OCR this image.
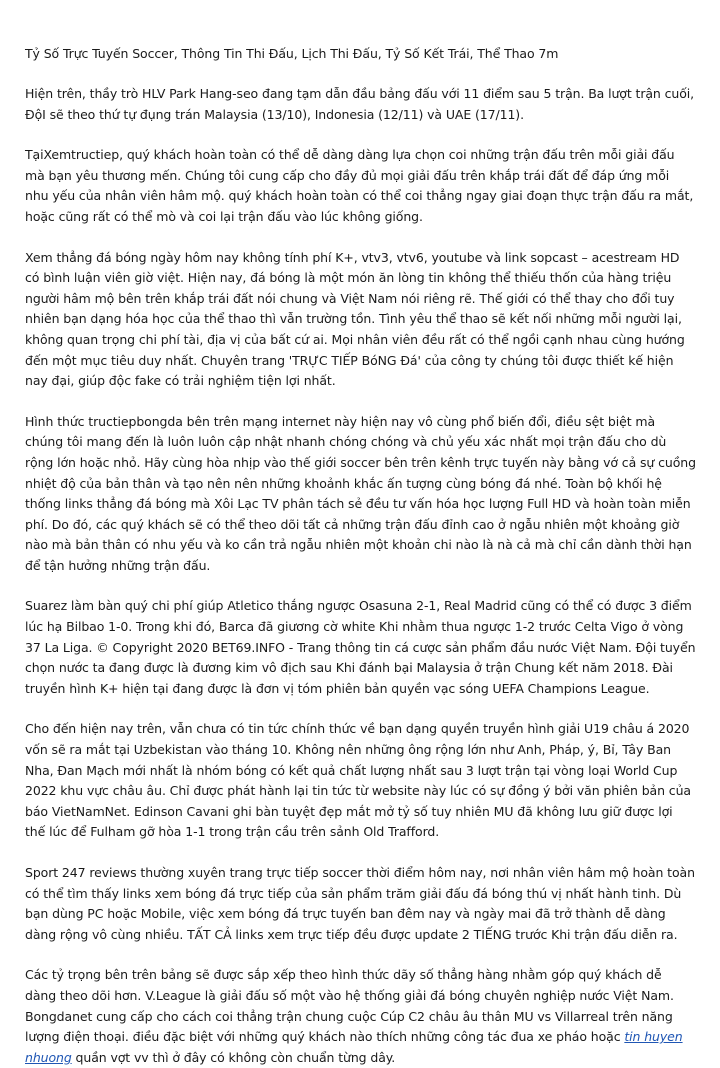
Tỷ Số Trực Tuyến Soccer, Thông Tin Thi Đấu, Lịch Thi Đấu, Tỷ Số Kết Trái, Thể Thao 7m

Hiện trên, thầy trò HLV Park Hang-seo đang tạm dẫn đầu bảng đấu với 11 điểm sau 5 trận. Ba lượt trận cuối, ĐộI sẽ theo thứ tự đụng trán Malaysia (13/10), Indonesia (12/11) và UAE (17/11).

TạiXemtructiep, quý khách hoàn toàn có thể dễ dàng dàng lựa chọn coi những trận đấu trên mỗi giải đấu mà bạn yêu thương mến. Chúng tôi cung cấp cho đầy đủ mọi giải đấu trên khắp trái đất để đáp ứng mỗi nhu yếu của nhân viên hâm mộ. quý khách hoàn toàn có thể coi thẳng ngay giai đoạn thực trận đấu ra mắt, hoặc cũng rất có thể mò và coi lại trận đấu vào lúc không giống.

Xem thẳng đá bóng ngày hôm nay không tính phí K+, vtv3, vtv6, youtube và link sopcast – acestream HD có bình luận viên giờ việt. Hiện nay, đá bóng là một món ăn lòng tin không thể thiếu thốn của hàng triệu người hâm mộ bên trên khắp trái đất nói chung và Việt Nam nói riêng rẽ. Thế giới có thể thay cho đổi tuy nhiên bạn dạng hóa học của thể thao thì vẫn trường tồn. Tình yêu thể thao sẽ kết nối những mỗi người lại, không quan trọng chi phí tài, địa vị của bất cứ ai. Mọi nhân viên đều rất có thể ngồi cạnh nhau cùng hướng đến một mục tiêu duy nhất. Chuyên trang 'TRỰC TIẾP BóNG Đá' của công ty chúng tôi được thiết kế hiện nay đại, giúp độc fake có trải nghiệm tiện lợi nhất.

Hình thức tructiepbongda bên trên mạng internet này hiện nay vô cùng phổ biến đổi, điều sệt biệt mà chúng tôi mang đến là luôn luôn cập nhật nhanh chóng chóng và chủ yếu xác nhất mọi trận đấu cho dù rộng lớn hoặc nhỏ. Hãy cùng hòa nhịp vào thế giới soccer bên trên kênh trực tuyến này bằng vớ cả sự cuồng nhiệt độ của bản thân và tạo nên nên những khoảnh khắc ấn tượng cùng bóng đá nhé. Toàn bộ khối hệ thống links thẳng đá bóng mà Xôi Lạc TV phân tách sẻ đều tư vấn hóa học lượng Full HD và hoàn toàn miễn phí. Do đó, các quý khách sẽ có thể theo dõi tất cả những trận đấu đỉnh cao ở ngẫu nhiên một khoảng giờ nào mà bản thân có nhu yếu và ko cần trả ngẫu nhiên một khoản chi nào là nà cả mà chỉ cần dành thời hạn để tận hưởng những trận đấu.

Suarez làm bàn quý chi phí giúp Atletico thắng ngược Osasuna 2-1, Real Madrid cũng có thể có được 3 điểm lúc hạ Bilbao 1-0. Trong khi đó, Barca đã giương cờ white Khi nhằm thua ngược 1-2 trước Celta Vigo ở vòng 37 La Liga. © Copyright 2020 BET69.INFO - Trang thông tin cá cược sản phẩm đầu nước Việt Nam. Đội tuyển chọn nước ta đang được là đương kim vô địch sau Khi đánh bại Malaysia ở trận Chung kết năm 2018. Đài truyền hình K+ hiện tại đang được là đơn vị tóm phiên bản quyền vạc sóng UEFA Champions League.

Cho đến hiện nay trên, vẫn chưa có tin tức chính thức về bạn dạng quyền truyền hình giải U19 châu á 2020 vốn sẽ ra mắt tại Uzbekistan vào tháng 10. Không nên những ông rộng lớn như Anh, Pháp, ý, Bỉ, Tây Ban Nha, Đan Mạch mới nhất là nhóm bóng có kết quả chất lượng nhất sau 3 lượt trận tại vòng loại World Cup 2022 khu vực châu âu. Chỉ được phát hành lại tin tức từ website này lúc có sự đồng ý bởi văn phiên bản của báo VietNamNet. Edinson Cavani ghi bàn tuyệt đẹp mắt mở tỷ số tuy nhiên MU đã không lưu giữ được lợi thế lúc để Fulham gỡ hòa 1-1 trong trận cầu trên sảnh Old Trafford.

Sport 247 reviews thường xuyên trang trực tiếp soccer thời điểm hôm nay, nơi nhân viên hâm mộ hoàn toàn có thể tìm thấy links xem bóng đá trực tiếp của sản phẩm trăm giải đấu đá bóng thú vị nhất hành tinh. Dù bạn dùng PC hoặc Mobile, việc xem bóng đá trực tuyến ban đêm nay và ngày mai đã trở thành dễ dàng dàng rộng vô cùng nhiều. TẤT CẢ links xem trực tiếp đều được update 2 TIẾNG trước Khi trận đấu diễn ra.

Các tỷ trọng bên trên bảng sẽ được sắp xếp theo hình thức dãy số thẳng hàng nhằm góp quý khách dễ dàng theo dõi hơn. V.League là giải đấu số một vào hệ thống giải đá bóng chuyên nghiệp nước Việt Nam. Bongdanet cung cấp cho cách coi thẳng trận chung cuộc Cúp C2 châu âu thân MU vs Villarreal trên năng lượng điện thoại. điều đặc biệt với những quý khách nào thích những công tác đua xe pháo hoặc tin huyen nhuong quần vợt vv thì ở đây có không còn chuẩn từng dây.
